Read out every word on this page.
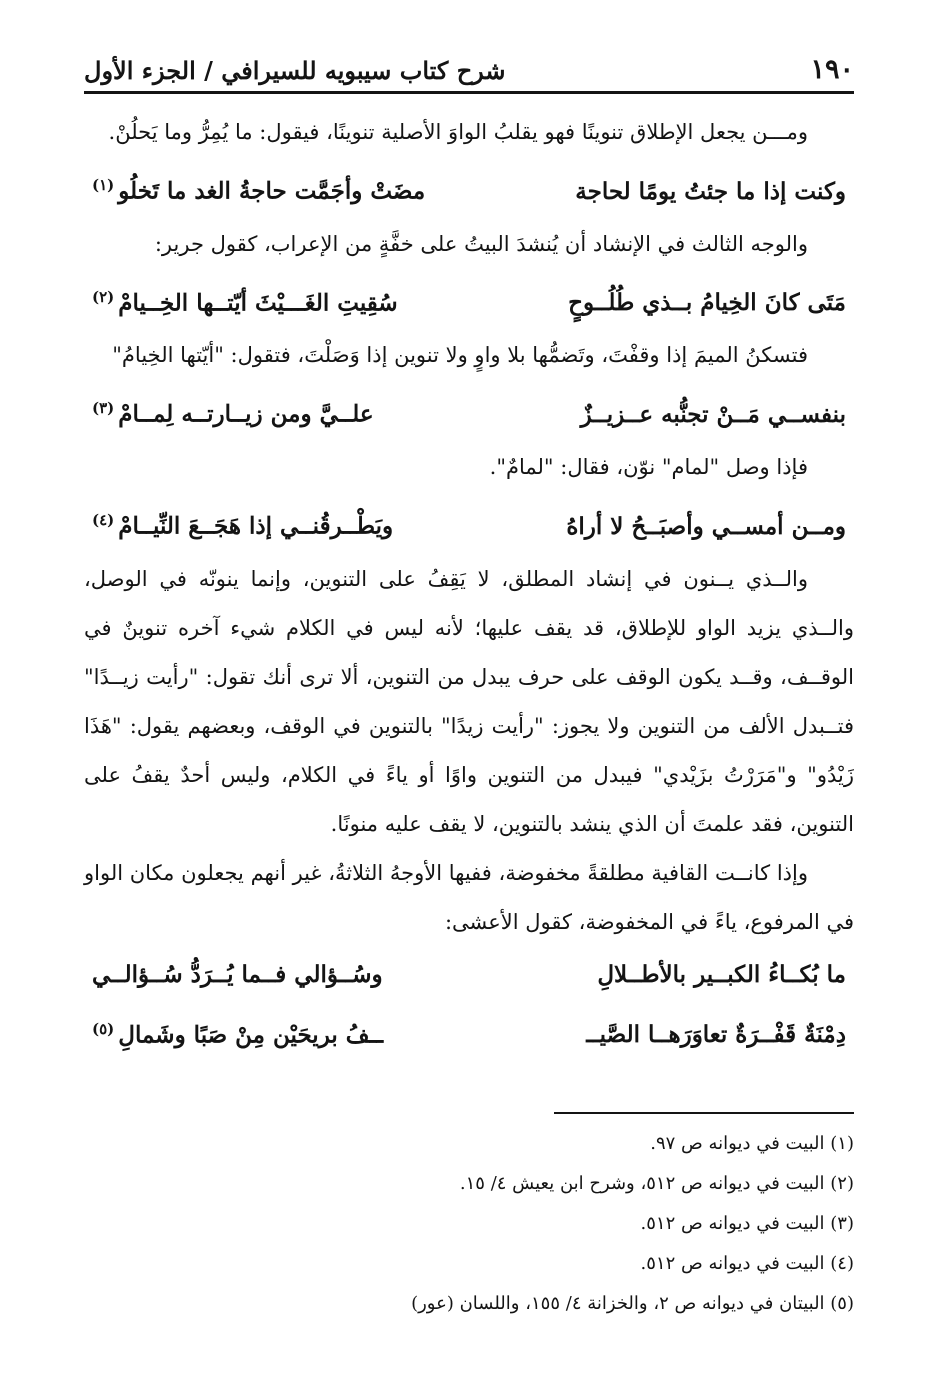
١٩٠
شرح كتاب سيبويه للسيرافي / الجزء الأول

ومـــن يجعل الإطلاق تنوينًا فهو يقلبُ الواوَ الأصلية تنوينًا، فيقول: ما يُمِرُّ وما يَحلُنْ.

وكنت إذا ما جئتُ يومًا لحاجة
مضَتْ وأجَمَّت حاجةُ الغد ما تَخلُو$^{(١)}$

والوجه الثالث في الإنشاد أن يُنشدَ البيتُ على خفَّةٍ من الإعراب، كقول جرير:

مَتَى كانَ الخِيامُ بــذي طُلُــوحٍ
سُقِيتِ الغَـــيْثَ أيّتــها الخِــيامْ$^{(٢)}$

فتسكنُ الميمَ إذا وقفْتَ، وتَضمُّها بلا واوٍ ولا تنوين إذا وَصَلْتَ، فتقول: "أيّتها الخِيامُ"

بنفســي مَــنْ تجنُّبه عــزيــزٌ
علــيَّ ومن زيــارتــه لِمــامْ$^{(٣)}$

فإذا وصل "لمام" نوّن، فقال: "لمامٌ".

ومــن أمســي وأصبَــحُ لا أراهُ
ويَطْــرقُنــي إذا هَجَــعَ النِّيــامْ$^{(٤)}$

والــذي يــنون في إنشاد المطلق، لا يَقِفُ على التنوين، وإنما ينونّه في الوصل، والــذي يزيد الواو للإطلاق، قد يقف عليها؛ لأنه ليس في الكلام شيء آخره تنوينٌ في الوقــف، وقــد يكون الوقف على حرف يبدل من التنوين، ألا ترى أنك تقول: "رأيت زيــدًا" فتــبدل الألف من التنوين ولا يجوز: "رأيت زيدًا" بالتنوين في الوقف، وبعضهم يقول: "هَذَا زَيْدُو" و"مَرَرْتُ بزَيْدي" فيبدل من التنوين واوًا أو ياءً في الكلام، وليس أحدٌ يقفُ على التنوين، فقد علمتَ أن الذي ينشد بالتنوين، لا يقف عليه منونًا.

وإذا كانــت القافية مطلقةً مخفوضة، ففيها الأوجهُ الثلاثةُ، غير أنهم يجعلون مكان الواو في المرفوع، ياءً في المخفوضة، كقول الأعشى:

ما بُكــاءُ الكبــير بالأطــلالِ
وسُــؤالي فــما يُــرَدُّ سُــؤالــي
دِمْنَةٌ قَفْــرَةٌ تعاوَرَهــا الصَّيــ
ــفُ بريحَيْن مِنْ صَبًا وشَمالِ$^{(٥)}$

(١) البيت في ديوانه ص ٩٧.

(٢) البيت في ديوانه ص ٥١٢، وشرح ابن يعيش ٤/ ١٥.

(٣) البيت في ديوانه ص ٥١٢.

(٤) البيت في ديوانه ص ٥١٢.

(٥) البيتان في ديوانه ص ٢، والخزانة ٤/ ١٥٥، واللسان (عور)
